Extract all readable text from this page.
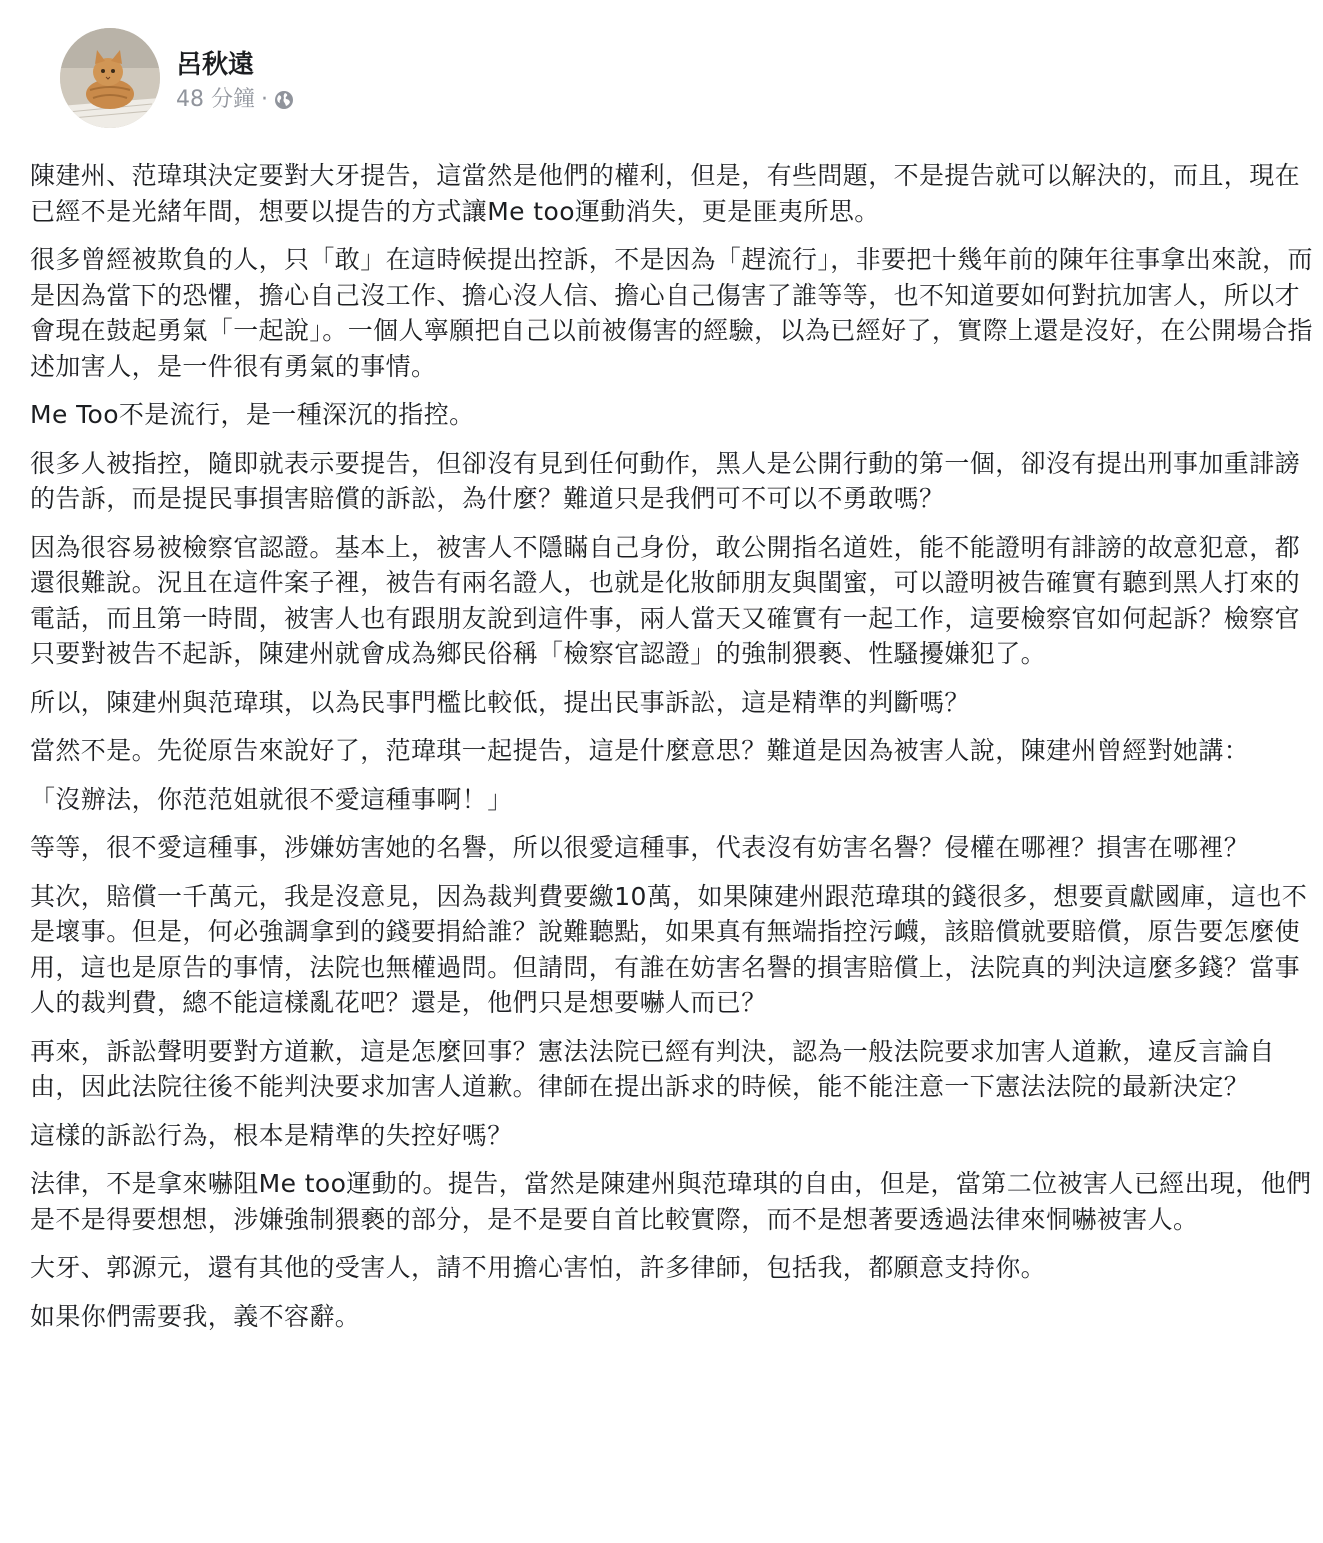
呂秋遠
48 分鐘 ·

陳建州、范瑋琪決定要對大牙提告，這當然是他們的權利，但是，有些問題，不是提告就可以解決的，而且，現在已經不是光緒年間，想要以提告的方式讓Me too運動消失，更是匪夷所思。

很多曾經被欺負的人，只「敢」在這時候提出控訴，不是因為「趕流行」，非要把十幾年前的陳年往事拿出來說，而是因為當下的恐懼，擔心自己沒工作、擔心沒人信、擔心自己傷害了誰等等，也不知道要如何對抗加害人，所以才會現在鼓起勇氣「一起說」。一個人寧願把自己以前被傷害的經驗，以為已經好了，實際上還是沒好，在公開場合指述加害人，是一件很有勇氣的事情。

Me Too不是流行，是一種深沉的指控。

很多人被指控，隨即就表示要提告，但卻沒有見到任何動作，黑人是公開行動的第一個，卻沒有提出刑事加重誹謗的告訴，而是提民事損害賠償的訴訟，為什麼？難道只是我們可不可以不勇敢嗎？

因為很容易被檢察官認證。基本上，被害人不隱瞞自己身份，敢公開指名道姓，能不能證明有誹謗的故意犯意，都還很難說。況且在這件案子裡，被告有兩名證人，也就是化妝師朋友與閨蜜，可以證明被告確實有聽到黑人打來的電話，而且第一時間，被害人也有跟朋友說到這件事，兩人當天又確實有一起工作，這要檢察官如何起訴？檢察官只要對被告不起訴，陳建州就會成為鄉民俗稱「檢察官認證」的強制猥褻、性騷擾嫌犯了。

所以，陳建州與范瑋琪，以為民事門檻比較低，提出民事訴訟，這是精準的判斷嗎？

當然不是。先從原告來說好了，范瑋琪一起提告，這是什麼意思？難道是因為被害人說，陳建州曾經對她講：

「沒辦法，你范范姐就很不愛這種事啊！」

等等，很不愛這種事，涉嫌妨害她的名譽，所以很愛這種事，代表沒有妨害名譽？侵權在哪裡？損害在哪裡？

其次，賠償一千萬元，我是沒意見，因為裁判費要繳10萬，如果陳建州跟范瑋琪的錢很多，想要貢獻國庫，這也不是壞事。但是，何必強調拿到的錢要捐給誰？說難聽點，如果真有無端指控污衊，該賠償就要賠償，原告要怎麼使用，這也是原告的事情，法院也無權過問。但請問，有誰在妨害名譽的損害賠償上，法院真的判決這麼多錢？當事人的裁判費，總不能這樣亂花吧？還是，他們只是想要嚇人而已？

再來，訴訟聲明要對方道歉，這是怎麼回事？憲法法院已經有判決，認為一般法院要求加害人道歉，違反言論自由，因此法院往後不能判決要求加害人道歉。律師在提出訴求的時候，能不能注意一下憲法法院的最新決定？

這樣的訴訟行為，根本是精準的失控好嗎？

法律，不是拿來嚇阻Me too運動的。提告，當然是陳建州與范瑋琪的自由，但是，當第二位被害人已經出現，他們是不是得要想想，涉嫌強制猥褻的部分，是不是要自首比較實際，而不是想著要透過法律來恫嚇被害人。

大牙、郭源元，還有其他的受害人，請不用擔心害怕，許多律師，包括我，都願意支持你。

如果你們需要我，義不容辭。
